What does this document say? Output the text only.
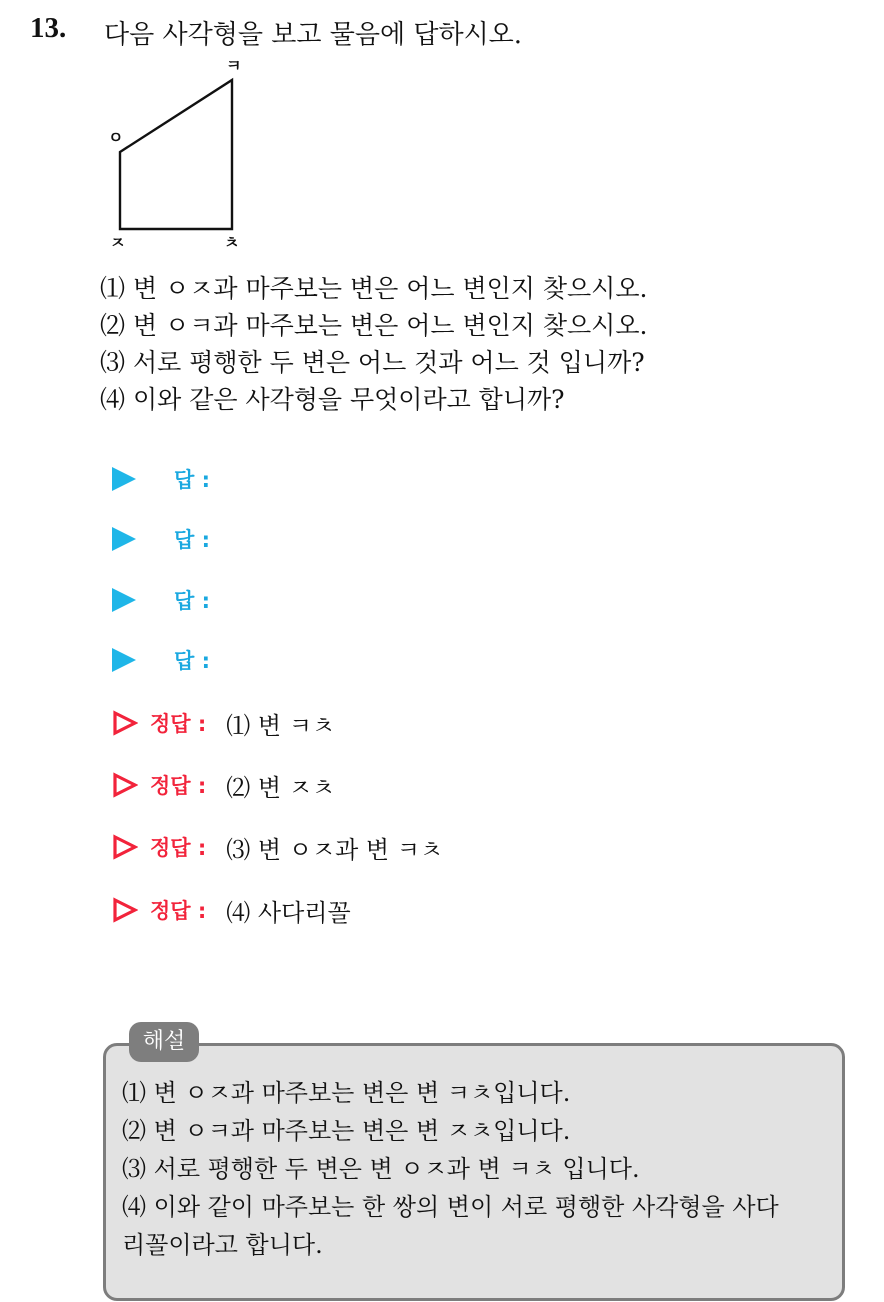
13. 다음 사각형을 보고 물음에 답하시오.
ㅋ
ㅇ
ㅈ	ㅊ
⑴ 변 ㅇㅈ과 마주보는 변은 어느 변인지 찾으시오.
⑵ 변 ㅇㅋ과 마주보는 변은 어느 변인지 찾으시오.
⑶ 서로 평행한 두 변은 어느 것과 어느 것 입니까?
⑷ 이와 같은 사각형을 무엇이라고 합니까?
답 :
답 :
답 :
답 :
정답 : ⑴ 변 ㅋㅊ
정답 : ⑵ 변 ㅈㅊ
정답 : ⑶ 변 ㅇㅈ과 변 ㅋㅊ
정답 : ⑷ 사다리꼴
해설
⑴ 변 ㅇㅈ과 마주보는 변은 변 ㅋㅊ입니다.
⑵ 변 ㅇㅋ과 마주보는 변은 변 ㅈㅊ입니다.
⑶ 서로 평행한 두 변은 변 ㅇㅈ과 변 ㅋㅊ 입니다.
⑷ 이와 같이 마주보는 한 쌍의 변이 서로 평행한 사각형을 사다
리꼴이라고 합니다.
